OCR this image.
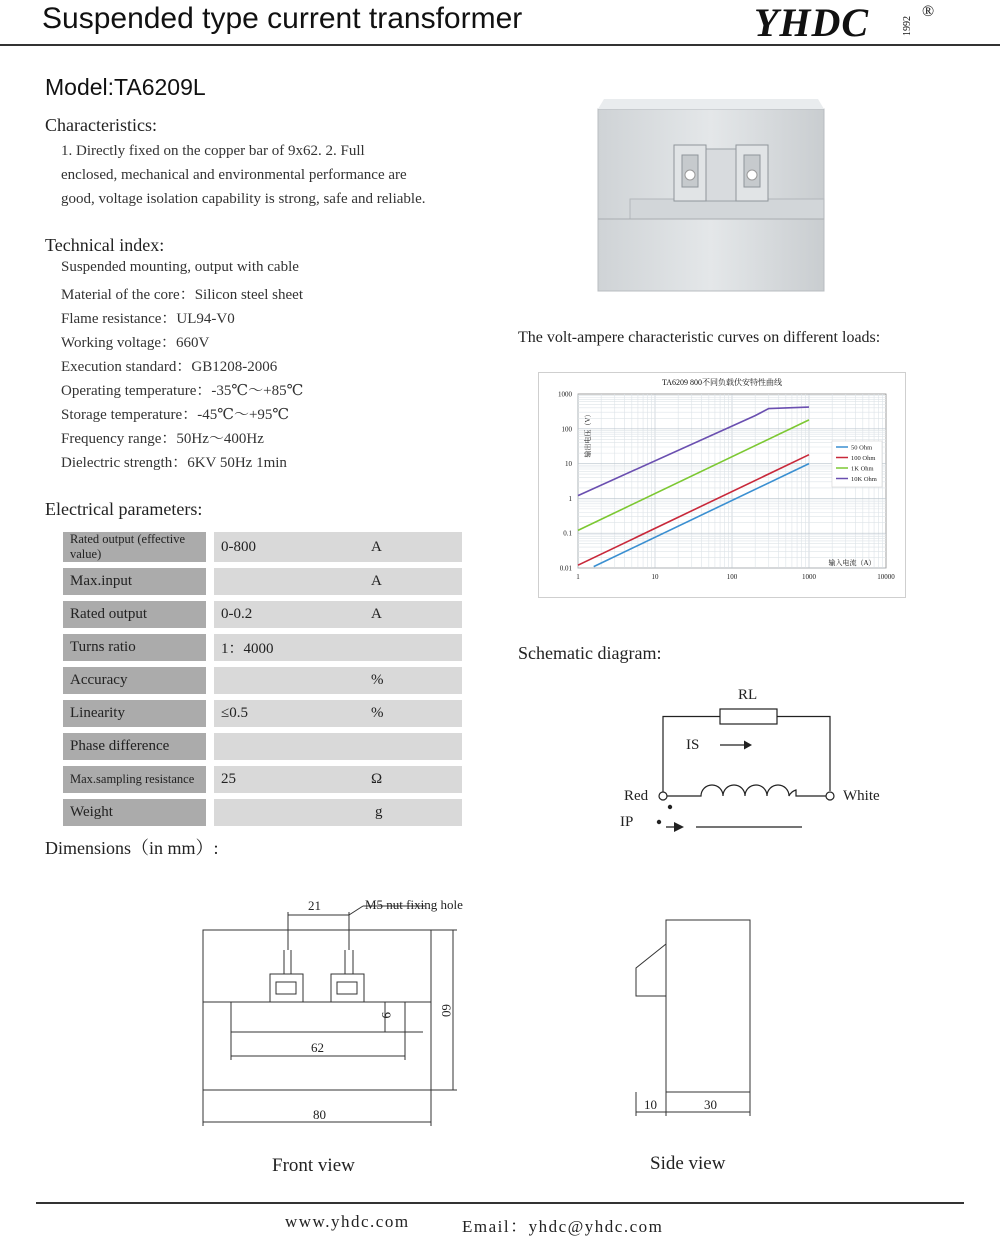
Suspended type current transformer	YHDC	1992
®
Model:TA6209L
Characteristics:
1. Directly fixed on the copper bar of 9x62. 2. Full
enclosed, mechanical and environmental performance are
good, voltage isolation capability is strong, safe and reliable.
Technical index:
Suspended mounting, output with cable
Material of the core：Silicon steel sheet
Flame resistance：UL94-V0
Working voltage：660V
Execution standard：GB1208-2006
Operating temperature：-35℃～+85℃
Storage temperature：-45℃～+95℃
Frequency range：50Hz～400Hz
Dielectric strength：6KV 50Hz 1min
Electrical parameters:
Rated output (effective value)	0-800	A
Max.input		A
Rated output	0-0.2	A
Turns ratio	1：4000	
Accuracy		%
Linearity	≤0.5	%
Phase difference		
Max.sampling resistance	25	Ω
Weight		g
The volt-ampere characteristic curves on different loads:
TA6209 800不同负载伏安特性曲线
1	10	100	1000	10000
0.01
0.1
1
10
100
1000
50 Ohm
100 Ohm
1K Ohm
10K Ohm
输出电压（V）
输入电流（A）
Schematic diagram:
RL
IS
Red	White
IP
Dimensions（in mm）:
21	M5 nut fixing hole
9	60
62
80
Front view
10	30
Side view
www.yhdc.com	Email：yhdc@yhdc.com
